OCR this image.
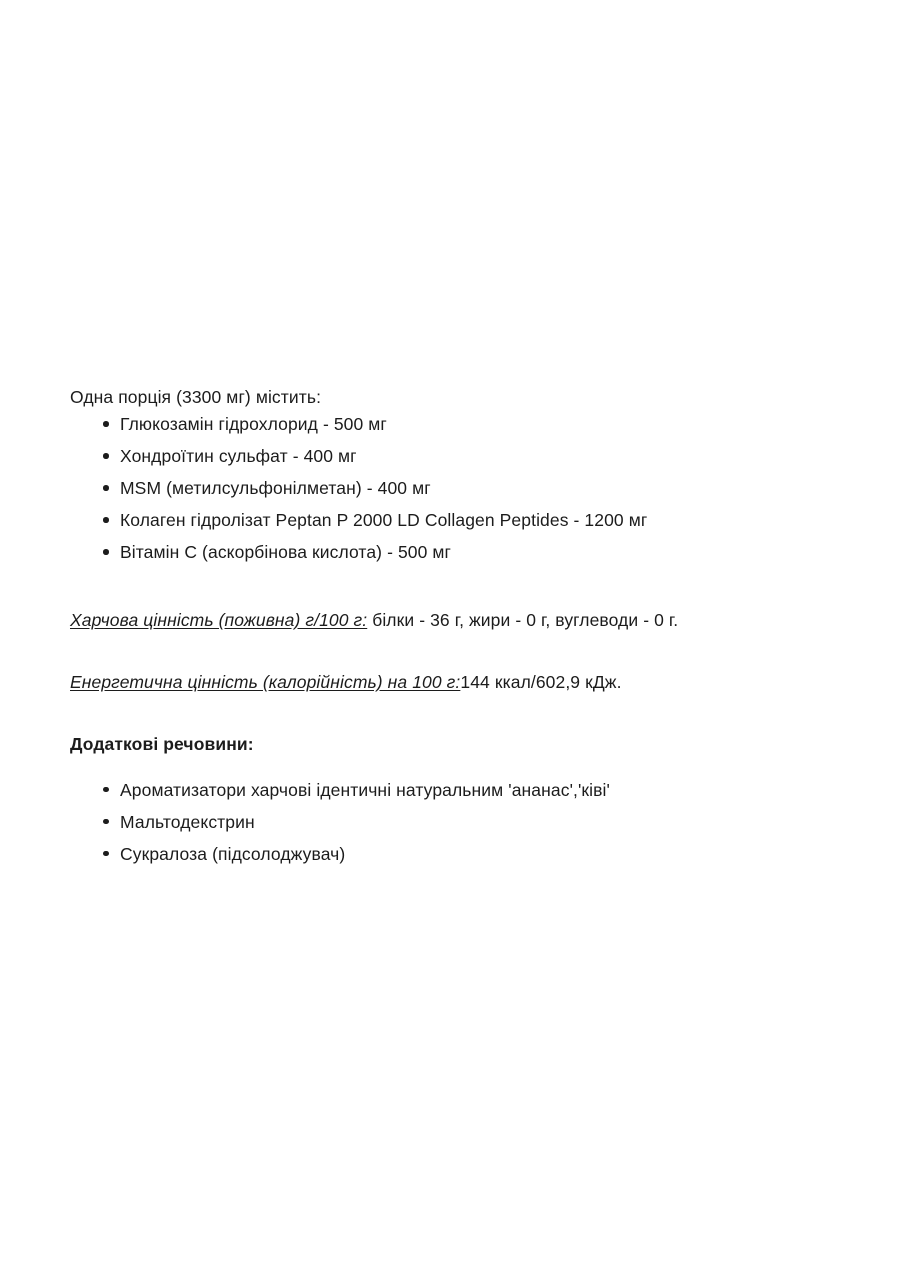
Одна порція (3300 мг) містить:

Глюкозамін гідрохлорид - 500 мг
Хондроїтин сульфат - 400 мг
MSM (метилсульфонілметан) - 400 мг
Колаген гідролізат Peptan P 2000 LD Collagen Peptides - 1200 мг
Вітамін С (аскорбінова кислота) - 500 мг

Харчова цінність (поживна) г/100 г: білки - 36 г, жири - 0 г, вуглеводи - 0 г.

Енергетична цінність (калорійність) на 100 г:144 ккал/602,9 кДж.

Додаткові речовини:

Ароматизатори харчові ідентичні натуральним 'ананас','ківі'
Мальтодекстрин
Сукралоза (підсолоджувач)
